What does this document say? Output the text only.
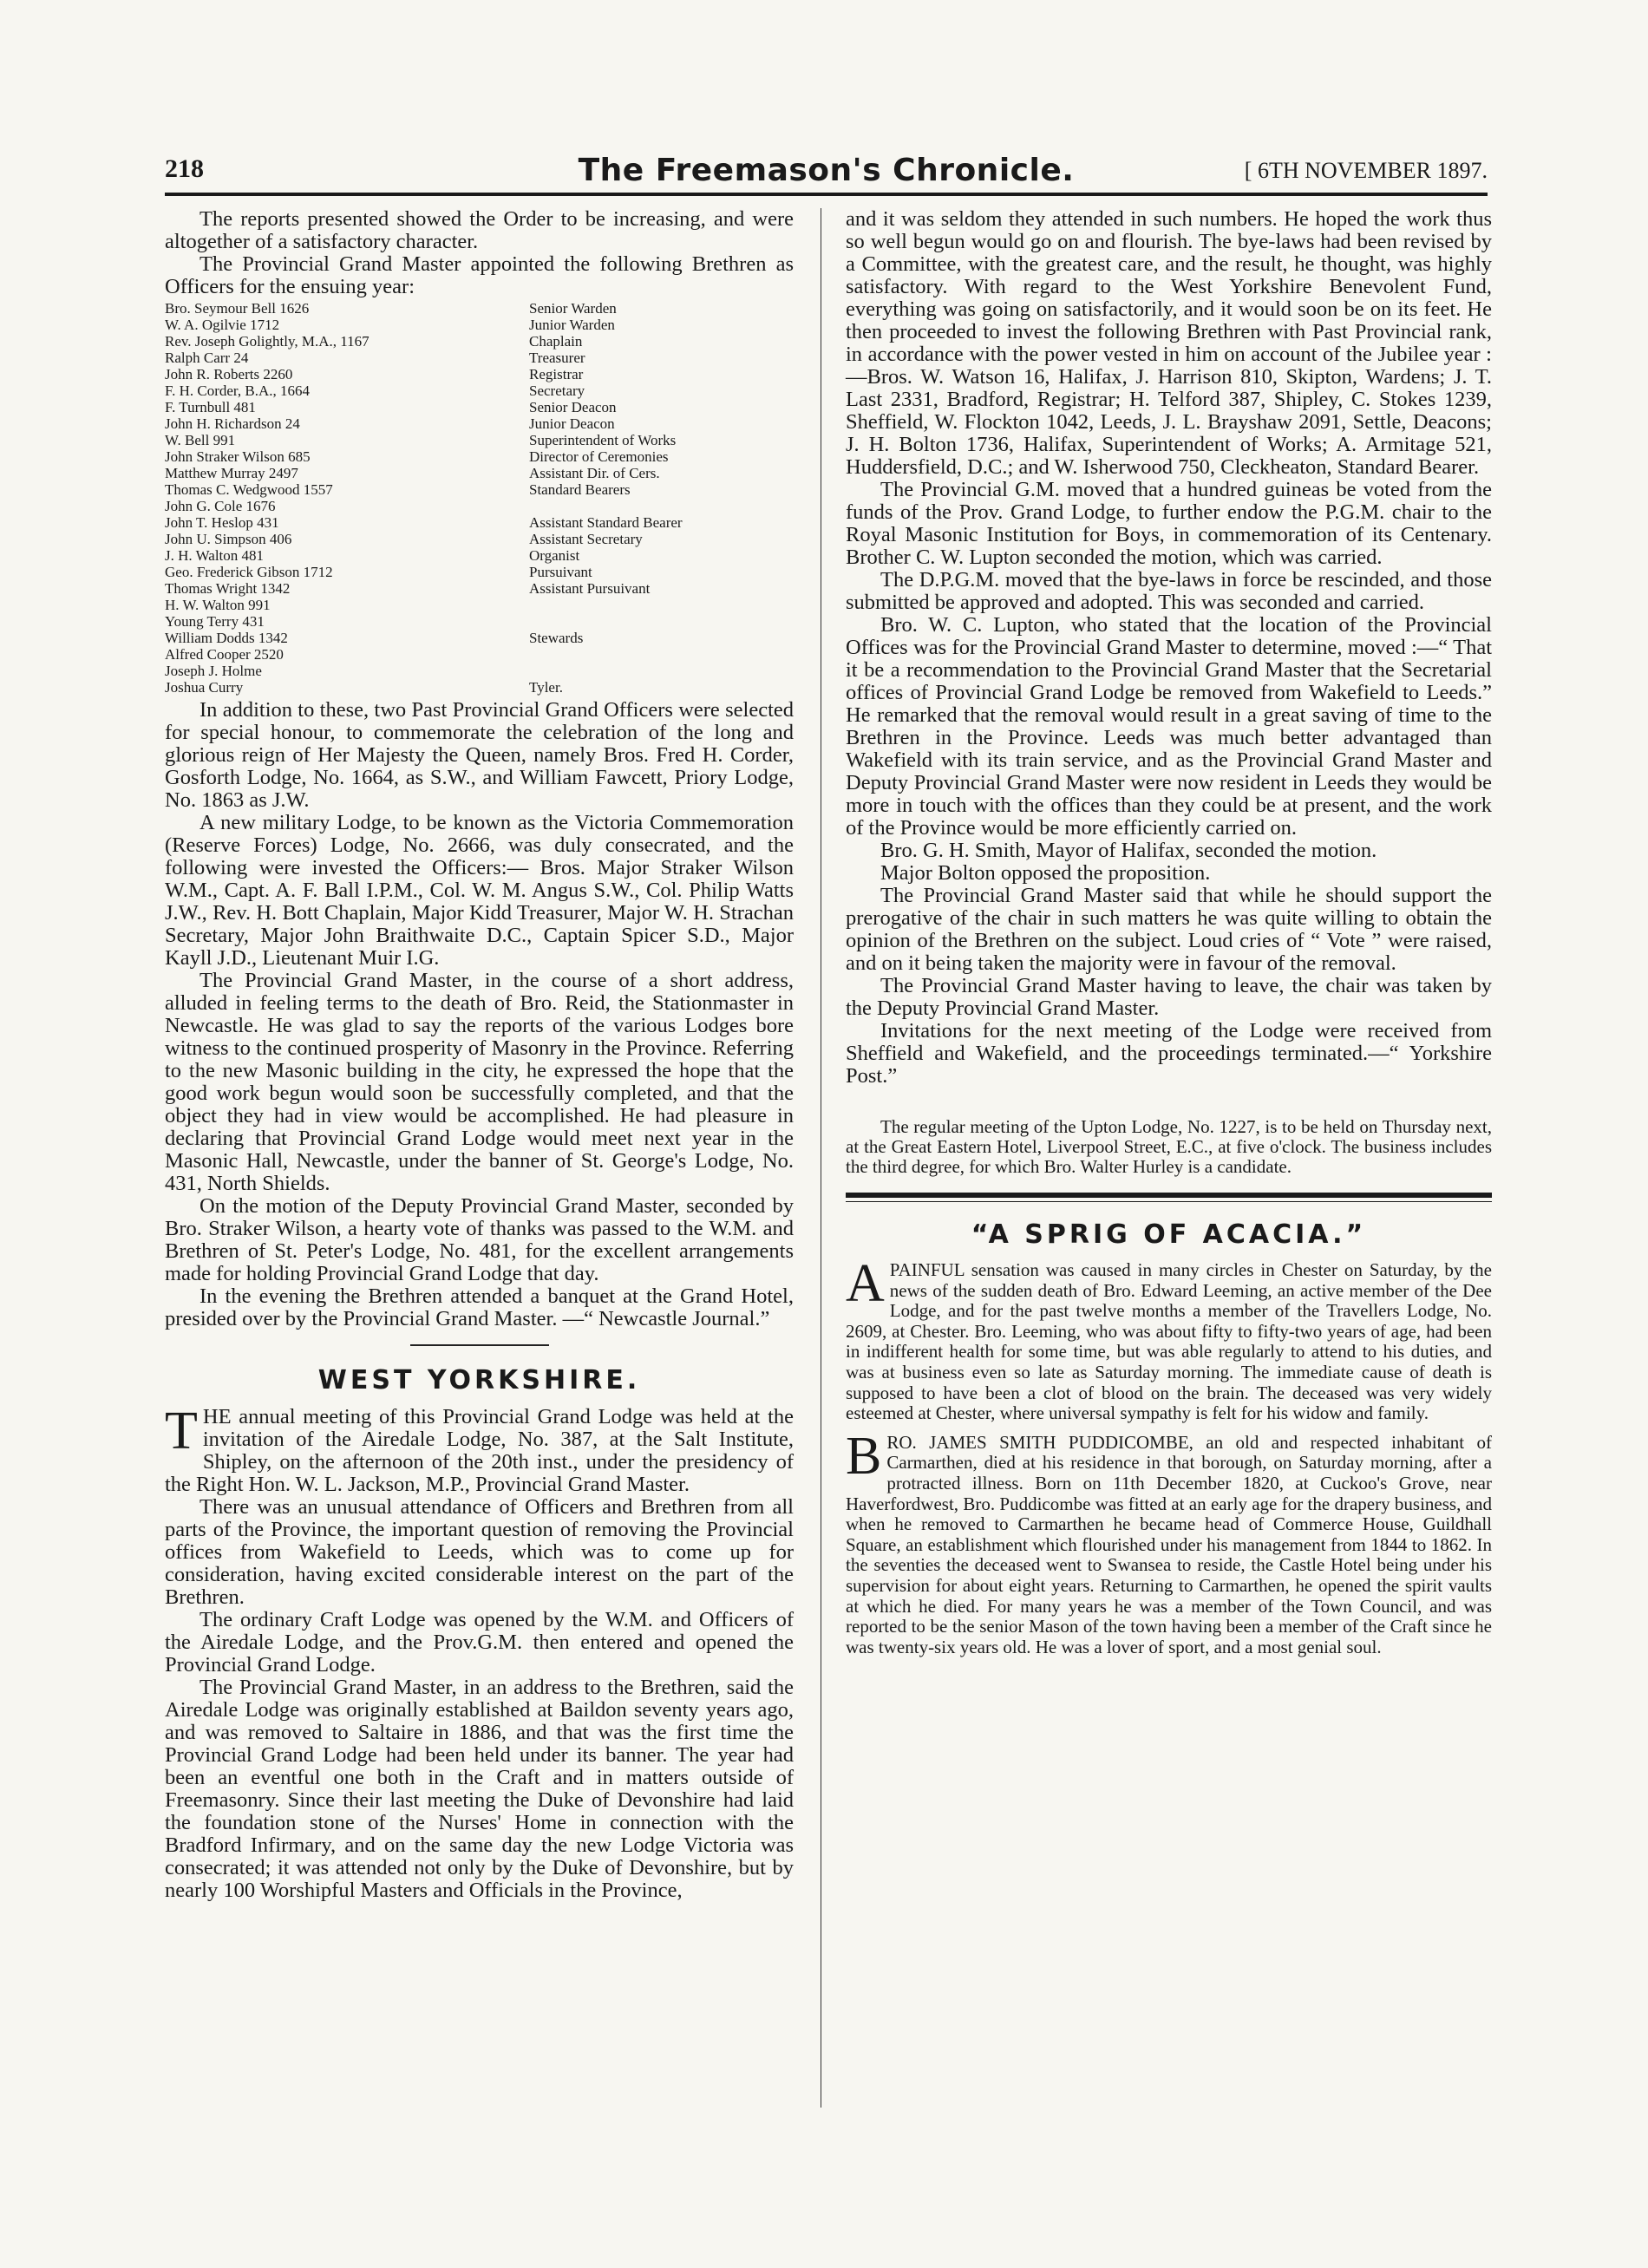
218	The Freemason's Chronicle.	[ 6TH NOVEMBER 1897.

The reports presented showed the Order to be increasing, and were altogether of a satisfactory character.

The Provincial Grand Master appointed the following Brethren as Officers for the ensuing year:

Bro. Seymour Bell 1626	Senior Warden
W. A. Ogilvie 1712	Junior Warden
Rev. Joseph Golightly, M.A., 1167	Chaplain
Ralph Carr 24	Treasurer
John R. Roberts 2260	Registrar
F. H. Corder, B.A., 1664	Secretary
F. Turnbull 481	Senior Deacon
John H. Richardson 24	Junior Deacon
W. Bell 991	Superintendent of Works
John Straker Wilson 685	Director of Ceremonies
Matthew Murray 2497	Assistant Dir. of Cers.
Thomas C. Wedgwood 1557	Standard Bearers
John G. Cole 1676
John T. Heslop 431	Assistant Standard Bearer
John U. Simpson 406	Assistant Secretary
J. H. Walton 481	Organist
Geo. Frederick Gibson 1712	Pursuivant
Thomas Wright 1342	Assistant Pursuivant
H. W. Walton 991
Young Terry 431
William Dodds 1342	Stewards
Alfred Cooper 2520
Joseph J. Holme
Joshua Curry	Tyler.

In addition to these, two Past Provincial Grand Officers were selected for special honour, to commemorate the celebration of the long and glorious reign of Her Majesty the Queen, namely Bros. Fred H. Corder, Gosforth Lodge, No. 1664, as S.W., and William Fawcett, Priory Lodge, No. 1863 as J.W.

A new military Lodge, to be known as the Victoria Commemoration (Reserve Forces) Lodge, No. 2666, was duly consecrated, and the following were invested the Officers:— Bros. Major Straker Wilson W.M., Capt. A. F. Ball I.P.M., Col. W. M. Angus S.W., Col. Philip Watts J.W., Rev. H. Bott Chaplain, Major Kidd Treasurer, Major W. H. Strachan Secretary, Major John Braithwaite D.C., Captain Spicer S.D., Major Kayll J.D., Lieutenant Muir I.G.

The Provincial Grand Master, in the course of a short address, alluded in feeling terms to the death of Bro. Reid, the Stationmaster in Newcastle. He was glad to say the reports of the various Lodges bore witness to the continued prosperity of Masonry in the Province. Referring to the new Masonic building in the city, he expressed the hope that the good work begun would soon be successfully completed, and that the object they had in view would be accomplished. He had pleasure in declaring that Provincial Grand Lodge would meet next year in the Masonic Hall, Newcastle, under the banner of St. George's Lodge, No. 431, North Shields.

On the motion of the Deputy Provincial Grand Master, seconded by Bro. Straker Wilson, a hearty vote of thanks was passed to the W.M. and Brethren of St. Peter's Lodge, No. 481, for the excellent arrangements made for holding Provincial Grand Lodge that day.

In the evening the Brethren attended a banquet at the Grand Hotel, presided over by the Provincial Grand Master. —“ Newcastle Journal.”

WEST YORKSHIRE.
T HE annual meeting of this Provincial Grand Lodge was held at the invitation of the Airedale Lodge, No. 387, at the Salt Institute, Shipley, on the afternoon of the 20th inst., under the presidency of the Right Hon. W. L. Jackson, M.P., Provincial Grand Master.

There was an unusual attendance of Officers and Brethren from all parts of the Province, the important question of removing the Provincial offices from Wakefield to Leeds, which was to come up for consideration, having excited considerable interest on the part of the Brethren.

The ordinary Craft Lodge was opened by the W.M. and Officers of the Airedale Lodge, and the Prov.G.M. then entered and opened the Provincial Grand Lodge.

The Provincial Grand Master, in an address to the Brethren, said the Airedale Lodge was originally established at Baildon seventy years ago, and was removed to Saltaire in 1886, and that was the first time the Provincial Grand Lodge had been held under its banner. The year had been an eventful one both in the Craft and in matters outside of Freemasonry. Since their last meeting the Duke of Devonshire had laid the foundation stone of the Nurses' Home in connection with the Bradford Infirmary, and on the same day the new Lodge Victoria was consecrated; it was attended not only by the Duke of Devonshire, but by nearly 100 Worshipful Masters and Officials in the Province,

and it was seldom they attended in such numbers. He hoped the work thus so well begun would go on and flourish. The bye-laws had been revised by a Committee, with the greatest care, and the result, he thought, was highly satisfactory. With regard to the West Yorkshire Benevolent Fund, everything was going on satisfactorily, and it would soon be on its feet. He then proceeded to invest the following Brethren with Past Provincial rank, in accordance with the power vested in him on account of the Jubilee year :—Bros. W. Watson 16, Halifax, J. Harrison 810, Skipton, Wardens; J. T. Last 2331, Bradford, Registrar; H. Telford 387, Shipley, C. Stokes 1239, Sheffield, W. Flockton 1042, Leeds, J. L. Brayshaw 2091, Settle, Deacons; J. H. Bolton 1736, Halifax, Superintendent of Works; A. Armitage 521, Huddersfield, D.C.; and W. Isherwood 750, Cleckheaton, Standard Bearer.

The Provincial G.M. moved that a hundred guineas be voted from the funds of the Prov. Grand Lodge, to further endow the P.G.M. chair to the Royal Masonic Institution for Boys, in commemoration of its Centenary. Brother C. W. Lupton seconded the motion, which was carried.

The D.P.G.M. moved that the bye-laws in force be rescinded, and those submitted be approved and adopted. This was seconded and carried.

Bro. W. C. Lupton, who stated that the location of the Provincial Offices was for the Provincial Grand Master to determine, moved :—“ That it be a recommendation to the Provincial Grand Master that the Secretarial offices of Provincial Grand Lodge be removed from Wakefield to Leeds.” He remarked that the removal would result in a great saving of time to the Brethren in the Province. Leeds was much better advantaged than Wakefield with its train service, and as the Provincial Grand Master and Deputy Provincial Grand Master were now resident in Leeds they would be more in touch with the offices than they could be at present, and the work of the Province would be more efficiently carried on.

Bro. G. H. Smith, Mayor of Halifax, seconded the motion.

Major Bolton opposed the proposition.

The Provincial Grand Master said that while he should support the prerogative of the chair in such matters he was quite willing to obtain the opinion of the Brethren on the subject. Loud cries of “ Vote ” were raised, and on it being taken the majority were in favour of the removal.

The Provincial Grand Master having to leave, the chair was taken by the Deputy Provincial Grand Master.

Invitations for the next meeting of the Lodge were received from Sheffield and Wakefield, and the proceedings terminated.—“ Yorkshire Post.”

The regular meeting of the Upton Lodge, No. 1227, is to be held on Thursday next, at the Great Eastern Hotel, Liverpool Street, E.C., at five o'clock. The business includes the third degree, for which Bro. Walter Hurley is a candidate.

“A SPRIG OF ACACIA.”
A PAINFUL sensation was caused in many circles in Chester on Saturday, by the news of the sudden death of Bro. Edward Leeming, an active member of the Dee Lodge, and for the past twelve months a member of the Travellers Lodge, No. 2609, at Chester. Bro. Leeming, who was about fifty to fifty-two years of age, had been in indifferent health for some time, but was able regularly to attend to his duties, and was at business even so late as Saturday morning. The immediate cause of death is supposed to have been a clot of blood on the brain. The deceased was very widely esteemed at Chester, where universal sympathy is felt for his widow and family.

B RO. JAMES SMITH PUDDICOMBE, an old and respected inhabitant of Carmarthen, died at his residence in that borough, on Saturday morning, after a protracted illness. Born on 11th December 1820, at Cuckoo's Grove, near Haverfordwest, Bro. Puddicombe was fitted at an early age for the drapery business, and when he removed to Carmarthen he became head of Commerce House, Guildhall Square, an establishment which flourished under his management from 1844 to 1862. In the seventies the deceased went to Swansea to reside, the Castle Hotel being under his supervision for about eight years. Returning to Carmarthen, he opened the spirit vaults at which he died. For many years he was a member of the Town Council, and was reported to be the senior Mason of the town having been a member of the Craft since he was twenty-six years old. He was a lover of sport, and a most genial soul.
